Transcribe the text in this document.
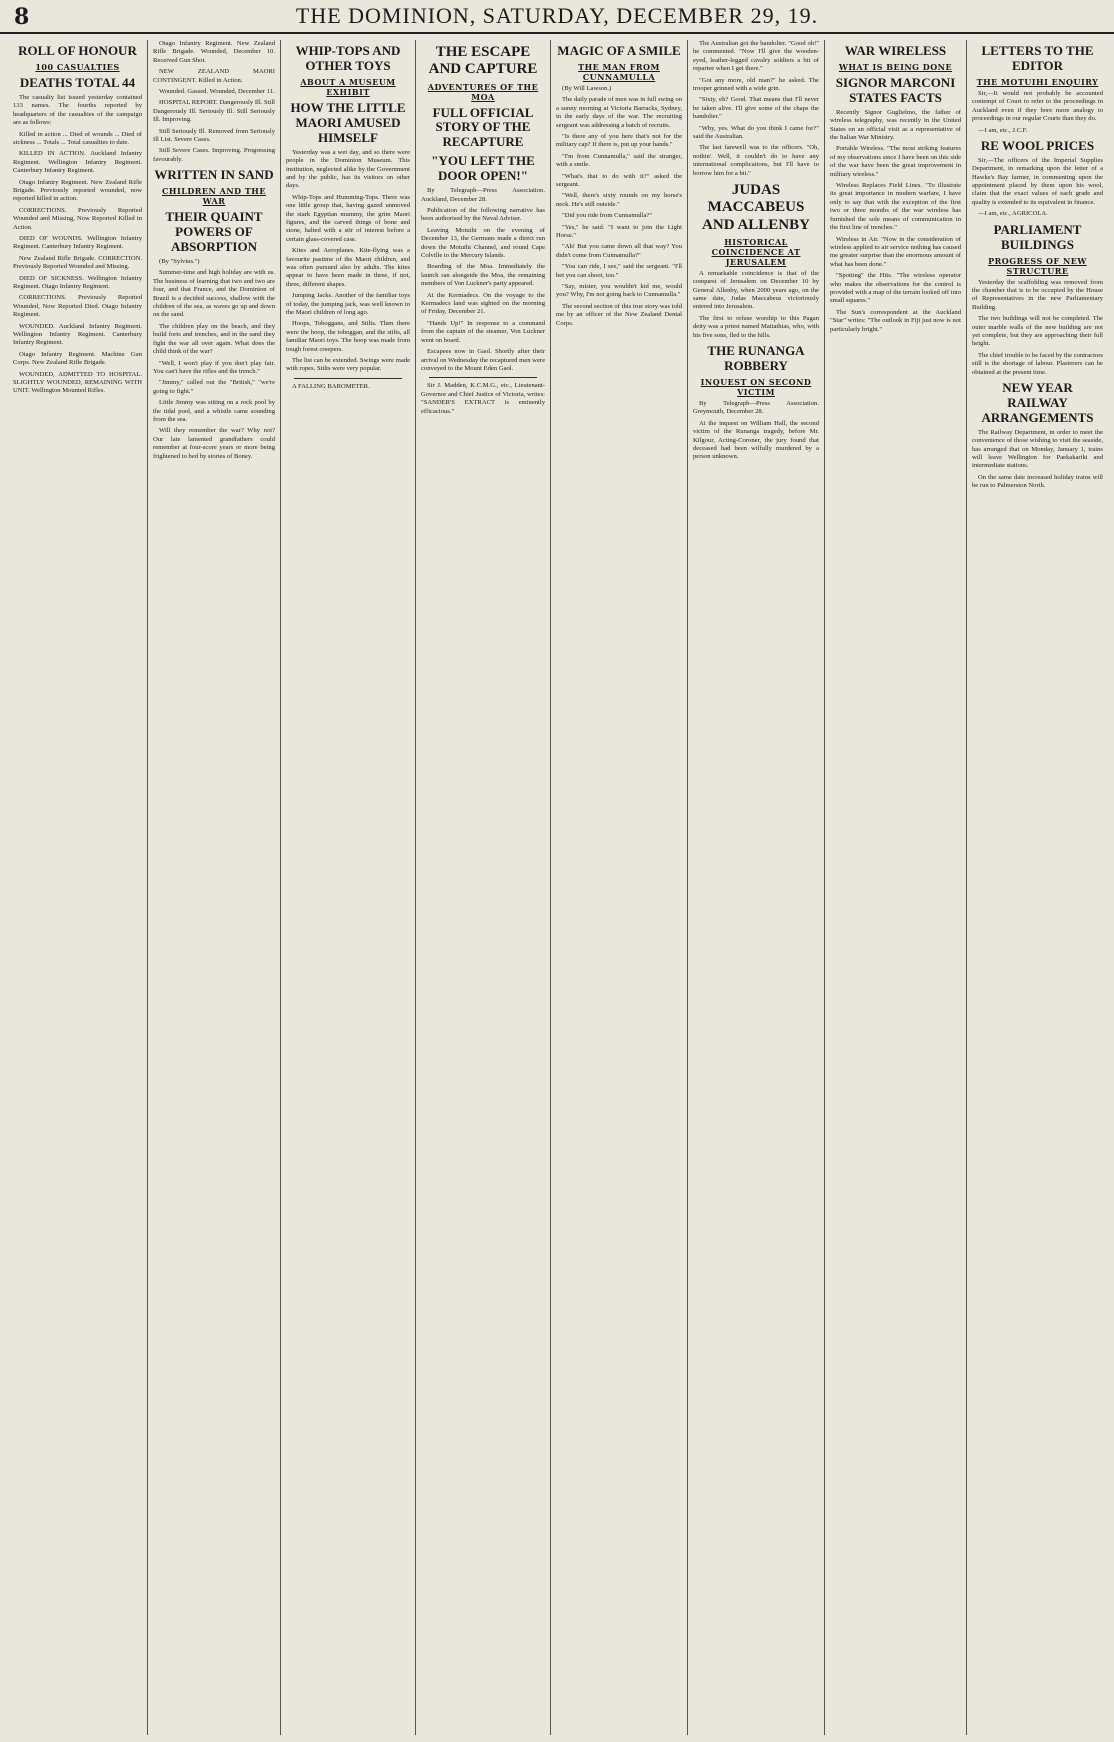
8	THE DOMINION, SATURDAY, DECEMBER 29, 19.
ROLL OF HONOUR
100 CASUALTIES
DEATHS TOTAL 44

The casualty list issued yesterday contained 133 names. The fourths reported by headquarters of the casualties of the campaign are as follows:

Killed in action ... Died of wounds ... Died of sickness ... Totals ... Total casualties to date.

KILLED IN ACTION. Auckland Infantry Regiment. Wellington Infantry Regiment. Canterbury Infantry Regiment.

Otago Infantry Regiment. New Zealand Rifle Brigade. Previously reported wounded, now reported killed in action.

CORRECTIONS. Previously Reported Wounded and Missing, Now Reported Killed in Action.

DIED OF WOUNDS. Wellington Infantry Regiment. Canterbury Infantry Regiment.

New Zealand Rifle Brigade. CORRECTION. Previously Reported Wounded and Missing.

DIED OF SICKNESS. Wellington Infantry Regiment. Otago Infantry Regiment.

CORRECTIONS. Previously Reported Wounded, Now Reported Died. Otago Infantry Regiment.

WOUNDED. Auckland Infantry Regiment. Wellington Infantry Regiment. Canterbury Infantry Regiment.

Otago Infantry Regiment. Machine Gun Corps. New Zealand Rifle Brigade.

WOUNDED, ADMITTED TO HOSPITAL. SLIGHTLY WOUNDED, REMAINING WITH UNIT. Wellington Mounted Rifles.

Otago Infantry Regiment. New Zealand Rifle Brigade. Wounded, December 10. Received Gun Shot.

NEW ZEALAND MAORI CONTINGENT. Killed in Action.

Wounded. Gassed. Wounded, December 11.

HOSPITAL REPORT. Dangerously Ill. Still Dangerously Ill. Seriously Ill. Still Seriously Ill. Improving.

Still Seriously Ill. Removed from Seriously Ill List. Severe Cases.

Still Severe Cases. Improving. Progressing favourably.

WRITTEN IN SAND
CHILDREN AND THE WAR
THEIR QUAINT POWERS OF ABSORPTION

(By "Sylvius.")

Summer-time and high holiday are with us. The business of learning that two and two are four, and that France, and the Dominion of Brazil is a decided success, shallow with the children of the sea, as waves go up and down on the sand.

The children play on the beach, and they build forts and trenches, and in the sand they fight the war all over again. What does the child think of the war?

"Well, I won't play if you don't play fair. You can't have the rifles and the trench."

"Jimmy," called out the "British," "we're going to fight."

Little Jimmy was sitting on a rock pool by the tidal pool, and a whistle came sounding from the sea.

Will they remember the war? Why not? Our late lamented grandfathers could remember at four-score years or more being frightened to bed by stories of Boney.

WHIP-TOPS AND OTHER TOYS
ABOUT A MUSEUM EXHIBIT
HOW THE LITTLE MAORI AMUSED HIMSELF

Yesterday was a wet day, and so there were people in the Dominion Museum. This institution, neglected alike by the Government and by the public, has its visitors on other days.

Whip-Tops and Humming-Tops. There was one little group that, having gazed unmoved the stark Egyptian mummy, the grim Maori figures, and the carved things of bone and stone, halted with a stir of interest before a certain glass-covered case.

Kites and Aeroplanes. Kite-flying was a favourite pastime of the Maori children, and was often pursued also by adults. The kites appear to have been made in three, if not, three, different shapes.

Jumping Jacks. Another of the familiar toys of today, the jumping jack, was well known to the Maori children of long ago.

Hoops, Toboggans, and Stilts. Then there were the hoop, the toboggan, and the stilts, all familiar Maori toys. The hoop was made from tough forest creepers.

The list can be extended. Swings were made with ropes. Stilts were very popular.

A FALLING BAROMETER.

THE ESCAPE AND CAPTURE
ADVENTURES OF THE MOA
FULL OFFICIAL STORY OF THE RECAPTURE
"YOU LEFT THE DOOR OPEN!"

By Telegraph—Press Association. Auckland, December 28.

Publication of the following narrative has been authorised by the Naval Adviser.

Leaving Motuihi on the evening of December 13, the Germans made a direct run down the Motuihi Channel, and round Cape Colville to the Mercury Islands.

Boarding of the Moa. Immediately the launch ran alongside the Moa, the remaining members of Von Luckner's party appeared.

At the Kermadecs. On the voyage to the Kermadecs land was sighted on the morning of Friday, December 21.

"Hands Up!" In response to a command from the captain of the steamer, Von Luckner went on board.

Escapees now in Gaol. Shortly after their arrival on Wednesday the recaptured men were conveyed to the Mount Eden Gaol.

Sir J. Madden, K.C.M.G., etc., Lieutenant-Governor and Chief Justice of Victoria, writes: "SANDER'S EXTRACT is eminently efficacious."

MAGIC OF A SMILE
THE MAN FROM CUNNAMULLA

(By Will Lawson.)

The daily parade of men was in full swing on a sunny morning at Victoria Barracks, Sydney, in the early days of the war. The recruiting sergeant was addressing a batch of recruits.

"Is there any of you here that's not for the military cap? If there is, put up your hands."

"I'm from Cunnamulla," said the stranger, with a smile.

"What's that to do with it?" asked the sergeant.

"Well, there's sixty rounds on my horse's neck. He's still outside."

"Did you ride from Cunnamulla?"

"Yes," he said. "I want to join the Light Horse."

"Ah! But you came down all that way? You didn't come from Cunnamulla?"

"You can ride, I see," said the sergeant. "I'll bet you can shoot, too."

"Say, mister, you wouldn't kid me, would you? Why, I'm not going back to Cunnamulla."

The second section of this true story was told me by an officer of the New Zealand Dental Corps.

The Australian got the bandolier. "Good oh!" he commented. "Now I'll give the wooden-eyed, leather-legged cavalry soldiers a bit of repartee when I get there."

"Got any more, old man?" he asked. The trooper grinned with a wide grin.

"Sixty, eh? Good. That means that I'll never be taken alive. I'll give some of the chaps the bandolier."

"Why, yes. What do you think I came for?" said the Australian.

The last farewell was to the officers. "Oh, nothin'. Well, it couldn't do to have any international complications, but I'll have to borrow him for a bit."

JUDAS MACCABEUS AND ALLENBY
HISTORICAL COINCIDENCE AT JERUSALEM

A remarkable coincidence is that of the conquest of Jerusalem on December 10 by General Allenby, when 2000 years ago, on the same date, Judas Maccabeus victoriously entered into Jerusalem.

The first to refuse worship to this Pagan deity was a priest named Mattathias, who, with his five sons, fled to the hills.

THE RUNANGA ROBBERY
INQUEST ON SECOND VICTIM

By Telegraph—Press Association. Greymouth, December 28.

At the inquest on William Hall, the second victim of the Runanga tragedy, before Mr. Kilgour, Acting-Coroner, the jury found that deceased had been wilfully murdered by a person unknown.

WAR WIRELESS
WHAT IS BEING DONE
SIGNOR MARCONI STATES FACTS

Recently Signor Guglielmo, the father of wireless telegraphy, was recently in the United States on an official visit as a representative of the Italian War Ministry.

Portable Wireless. "The most striking features of my observations since I have been on this side of the war have been the great improvement in military wireless."

Wireless Replaces Field Lines. "To illustrate its great importance in modern warfare, I have only to say that with the exception of the first two or three months of the war wireless has furnished the sole means of communication in the first line of trenches."

Wireless in Air. "Now in the consideration of wireless applied to air service nothing has caused me greater surprise than the enormous amount of what has been done."

"Spotting" the Hits. "The wireless operator who makes the observations for the control is provided with a map of the terrain looked off into small squares."

The Sun's correspondent at the Auckland "Star" writes: "The outlook in Fiji just now is not particularly bright."

LETTERS TO THE EDITOR
THE MOTUIHI ENQUIRY

Sir,—It would not probably be accounted contempt of Court to refer to the proceedings in Auckland even if they bore more analogy to proceedings in our regular Courts than they do.

—I am, etc., J.C.F.

RE WOOL PRICES

Sir,—The officers of the Imperial Supplies Department, in remarking upon the letter of a Hawke's Bay farmer, in commenting upon the appointment placed by them upon his wool, claim that the exact values of each grade and quality is extended to its equivalent in finance.

—I am, etc., AGRICOLA.

PARLIAMENT BUILDINGS
PROGRESS OF NEW STRUCTURE

Yesterday the scaffolding was removed from the chamber that is to be occupied by the House of Representatives in the new Parliamentary Building.

The two buildings will not be completed. The outer marble walls of the new building are not yet complete, but they are approaching their full height.

The chief trouble to be faced by the contractors still is the shortage of labour. Plasterers can be obtained at the present time.

NEW YEAR RAILWAY ARRANGEMENTS

The Railway Department, in order to meet the convenience of those wishing to visit the seaside, has arranged that on Monday, January 1, trains will leave Wellington for Paekakariki and intermediate stations.

On the same date increased holiday trains will be run to Palmerston North.
